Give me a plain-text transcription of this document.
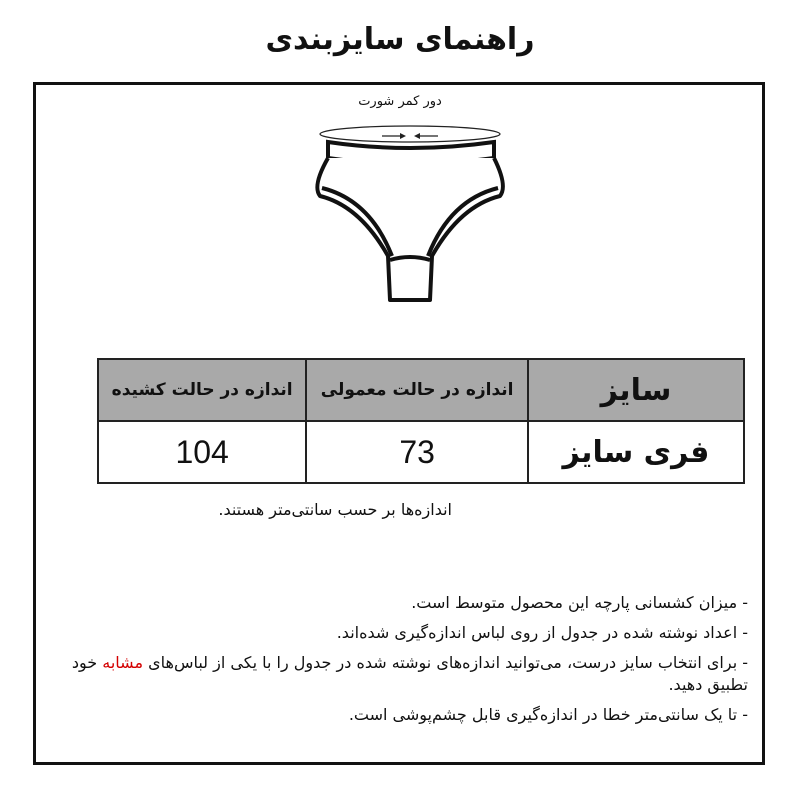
راهنمای سایزبندی
دور کمر شورت
سایز	اندازه در حالت معمولی	اندازه در حالت کشیده
فری سایز	73	104
اندازه‌ها بر حسب سانتی‌متر هستند.
- میزان کشسانی پارچه این محصول متوسط است.
- اعداد نوشته شده در جدول از روی لباس اندازه‌گیری شده‌اند.
- برای انتخاب سایز درست، می‌توانید اندازه‌های نوشته شده در جدول را با یکی از لباس‌های مشابه خود تطبیق دهید.
- تا یک سانتی‌متر خطا در اندازه‌گیری قابل چشم‌پوشی است.
